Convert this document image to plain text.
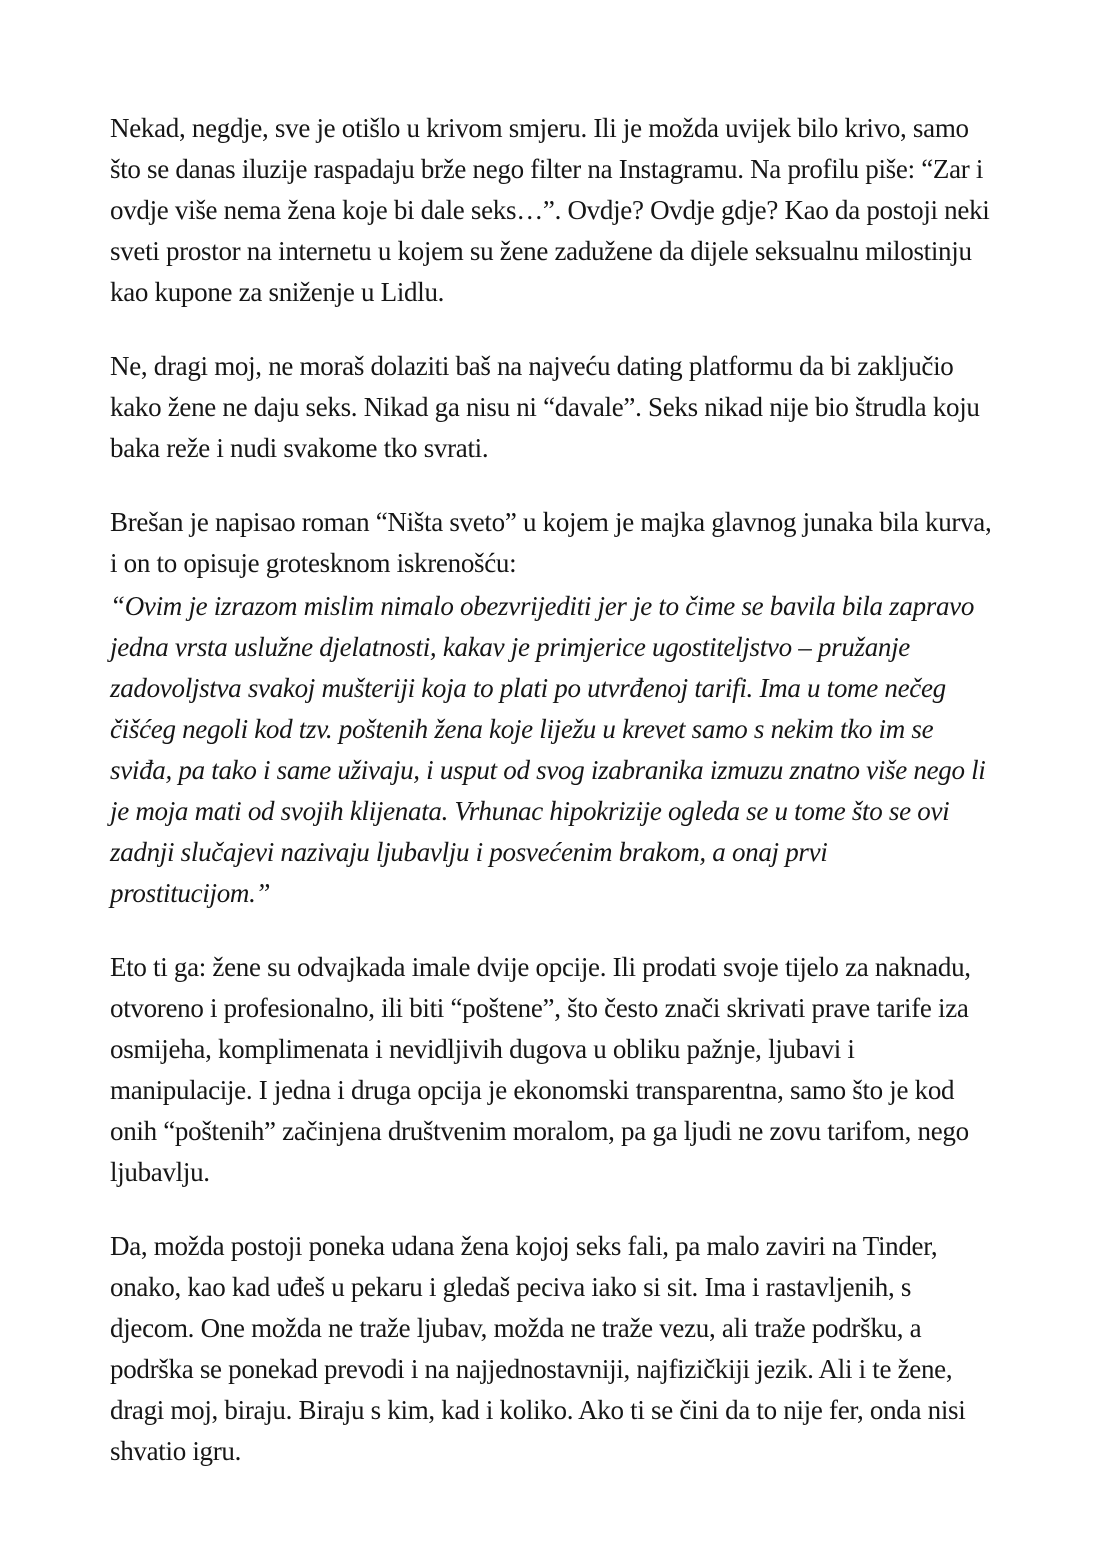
Nekad, negdje, sve je otišlo u krivom smjeru. Ili je možda uvijek bilo krivo, samo što se danas iluzije raspadaju brže nego filter na Instagramu. Na profilu piše: “Zar i ovdje više nema žena koje bi dale seks…”. Ovdje? Ovdje gdje? Kao da postoji neki sveti prostor na internetu u kojem su žene zadužene da dijele seksualnu milostinju kao kupone za sniženje u Lidlu.

Ne, dragi moj, ne moraš dolaziti baš na najveću dating platformu da bi zaključio kako žene ne daju seks. Nikad ga nisu ni “davale”. Seks nikad nije bio štrudla koju baka reže i nudi svakome tko svrati.

Brešan je napisao roman “Ništa sveto” u kojem je majka glavnog junaka bila kurva, i on to opisuje grotesknom iskrenošću:

“Ovim je izrazom mislim nimalo obezvrijediti jer je to čime se bavila bila zapravo jedna vrsta uslužne djelatnosti, kakav je primjerice ugostiteljstvo – pružanje zadovoljstva svakoj mušteriji koja to plati po utvrđenoj tarifi. Ima u tome nečeg čišćeg negoli kod tzv. poštenih žena koje liježu u krevet samo s nekim tko im se sviđa, pa tako i same uživaju, i usput od svog izabranika izmuzu znatno više nego li je moja mati od svojih klijenata. Vrhunac hipokrizije ogleda se u tome što se ovi zadnji slučajevi nazivaju ljubavlju i posvećenim brakom, a onaj prvi prostitucijom.”

Eto ti ga: žene su odvajkada imale dvije opcije. Ili prodati svoje tijelo za naknadu, otvoreno i profesionalno, ili biti “poštene”, što često znači skrivati prave tarife iza osmijeha, komplimenata i nevidljivih dugova u obliku pažnje, ljubavi i manipulacije. I jedna i druga opcija je ekonomski transparentna, samo što je kod onih “poštenih” začinjena društvenim moralom, pa ga ljudi ne zovu tarifom, nego ljubavlju.

Da, možda postoji poneka udana žena kojoj seks fali, pa malo zaviri na Tinder, onako, kao kad uđeš u pekaru i gledaš peciva iako si sit. Ima i rastavljenih, s djecom. One možda ne traže ljubav, možda ne traže vezu, ali traže podršku, a podrška se ponekad prevodi i na najjednostavniji, najfizičkiji jezik. Ali i te žene, dragi moj, biraju. Biraju s kim, kad i koliko. Ako ti se čini da to nije fer, onda nisi shvatio igru.
